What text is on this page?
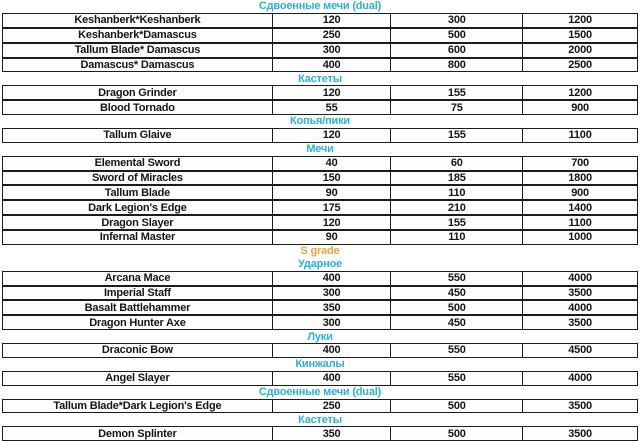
Сдвоенные мечи (dual)
Keshanberk*Keshanberk	120	300	1200
Keshanberk*Damascus	250	500	1500
Tallum Blade* Damascus	300	600	2000
Damascus* Damascus	400	800	2500
Кастеты
Dragon Grinder	120	155	1200
Blood Tornado	55	75	900
Копья/пики
Tallum Glaive	120	155	1100
Мечи
Elemental Sword	40	60	700
Sword of Miracles	150	185	1800
Tallum Blade	90	110	900
Dark Legion's Edge	175	210	1400
Dragon Slayer	120	155	1100
Infernal Master	90	110	1000
S grade
Ударное
Arcana Mace	400	550	4000
Imperial Staff	300	450	3500
Basalt Battlehammer	350	500	4000
Dragon Hunter Axe	300	450	3500
Луки
Draconic Bow	400	550	4500
Кинжалы
Angel Slayer	400	550	4000
Сдвоенные мечи (dual)
Tallum Blade*Dark Legion's Edge	250	500	3500
Кастеты
Demon Splinter	350	500	3500
